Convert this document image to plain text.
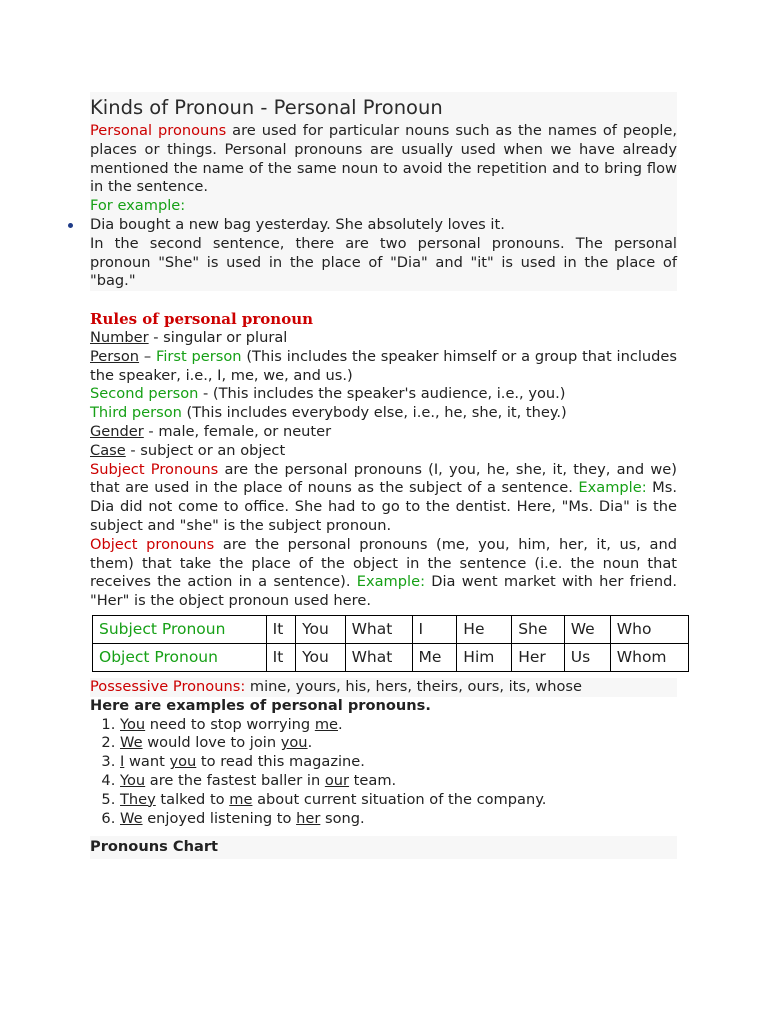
Kinds of Pronoun - Personal Pronoun

Personal pronouns are used for particular nouns such as the names of people, places or things. Personal pronouns are usually used when we have already mentioned the name of the same noun to avoid the repetition and to bring flow in the sentence.

For example:
Dia bought a new bag yesterday. She absolutely loves it.

In the second sentence, there are two personal pronouns. The personal pronoun "She" is used in the place of "Dia" and "it" is used in the place of "bag."

Rules of personal pronoun
Number - singular or plural

Person – First person (This includes the speaker himself or a group that includes the speaker, i.e., I, me, we, and us.)

Second person - (This includes the speaker's audience, i.e., you.)
Third person (This includes everybody else, i.e., he, she, it, they.)
Gender - male, female, or neuter
Case - subject or an object

Subject Pronouns are the personal pronouns (I, you, he, she, it, they, and we) that are used in the place of nouns as the subject of a sentence. Example: Ms. Dia did not come to office. She had to go to the dentist. Here, "Ms. Dia" is the subject and "she" is the subject pronoun.

Object pronouns are the personal pronouns (me, you, him, her, it, us, and them) that take the place of the object in the sentence (i.e. the noun that receives the action in a sentence). Example: Dia went market with her friend. "Her" is the object pronoun used here.

Subject Pronoun	It	You	What	I	He	She	We	Who
Object Pronoun	It	You	What	Me	Him	Her	Us	Whom
Possessive Pronouns: mine, yours, his, hers, theirs, ours, its, whose
Here are examples of personal pronouns.
1. You need to stop worrying me.
2. We would love to join you.
3. I want you to read this magazine.
4. You are the fastest baller in our team.
5. They talked to me about current situation of the company.
6. We enjoyed listening to her song.
Pronouns Chart
